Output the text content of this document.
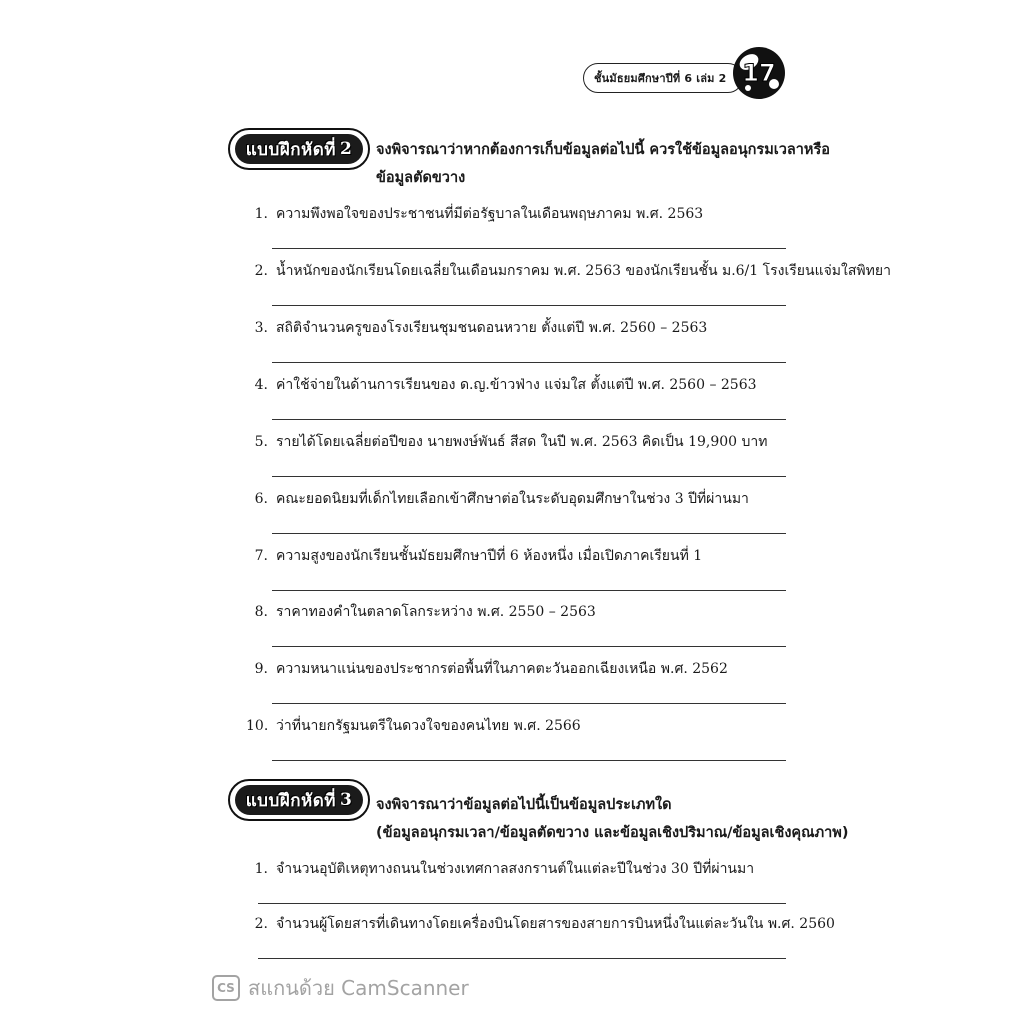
ชั้นมัธยมศึกษาปีที่ 6 เล่ม 2 17
แบบฝึกหัดที่ 2 จงพิจารณาว่าหากต้องการเก็บข้อมูลต่อไปนี้ ควรใช้ข้อมูลอนุกรมเวลาหรือ
ข้อมูลตัดขวาง
1. ความพึงพอใจของประชาชนที่มีต่อรัฐบาลในเดือนพฤษภาคม พ.ศ. 2563
2. น้ำหนักของนักเรียนโดยเฉลี่ยในเดือนมกราคม พ.ศ. 2563 ของนักเรียนชั้น ม.6/1 โรงเรียนแจ่มใสพิทยา
3. สถิติจำนวนครูของโรงเรียนชุมชนดอนหวาย ตั้งแต่ปี พ.ศ. 2560 – 2563
4. ค่าใช้จ่ายในด้านการเรียนของ ด.ญ.ข้าวฟ่าง แจ่มใส ตั้งแต่ปี พ.ศ. 2560 – 2563
5. รายได้โดยเฉลี่ยต่อปีของ นายพงษ์พันธ์ สีสด ในปี พ.ศ. 2563 คิดเป็น 19,900 บาท
6. คณะยอดนิยมที่เด็กไทยเลือกเข้าศึกษาต่อในระดับอุดมศึกษาในช่วง 3 ปีที่ผ่านมา
7. ความสูงของนักเรียนชั้นมัธยมศึกษาปีที่ 6 ห้องหนึ่ง เมื่อเปิดภาคเรียนที่ 1
8. ราคาทองคำในตลาดโลกระหว่าง พ.ศ. 2550 – 2563
9. ความหนาแน่นของประชากรต่อพื้นที่ในภาคตะวันออกเฉียงเหนือ พ.ศ. 2562
10. ว่าที่นายกรัฐมนตรีในดวงใจของคนไทย พ.ศ. 2566
แบบฝึกหัดที่ 3 จงพิจารณาว่าข้อมูลต่อไปนี้เป็นข้อมูลประเภทใด
(ข้อมูลอนุกรมเวลา/ข้อมูลตัดขวาง และข้อมูลเชิงปริมาณ/ข้อมูลเชิงคุณภาพ)
1. จำนวนอุบัติเหตุทางถนนในช่วงเทศกาลสงกรานต์ในแต่ละปีในช่วง 30 ปีที่ผ่านมา
2. จำนวนผู้โดยสารที่เดินทางโดยเครื่องบินโดยสารของสายการบินหนึ่งในแต่ละวันใน พ.ศ. 2560
CS สแกนด้วย CamScanner
